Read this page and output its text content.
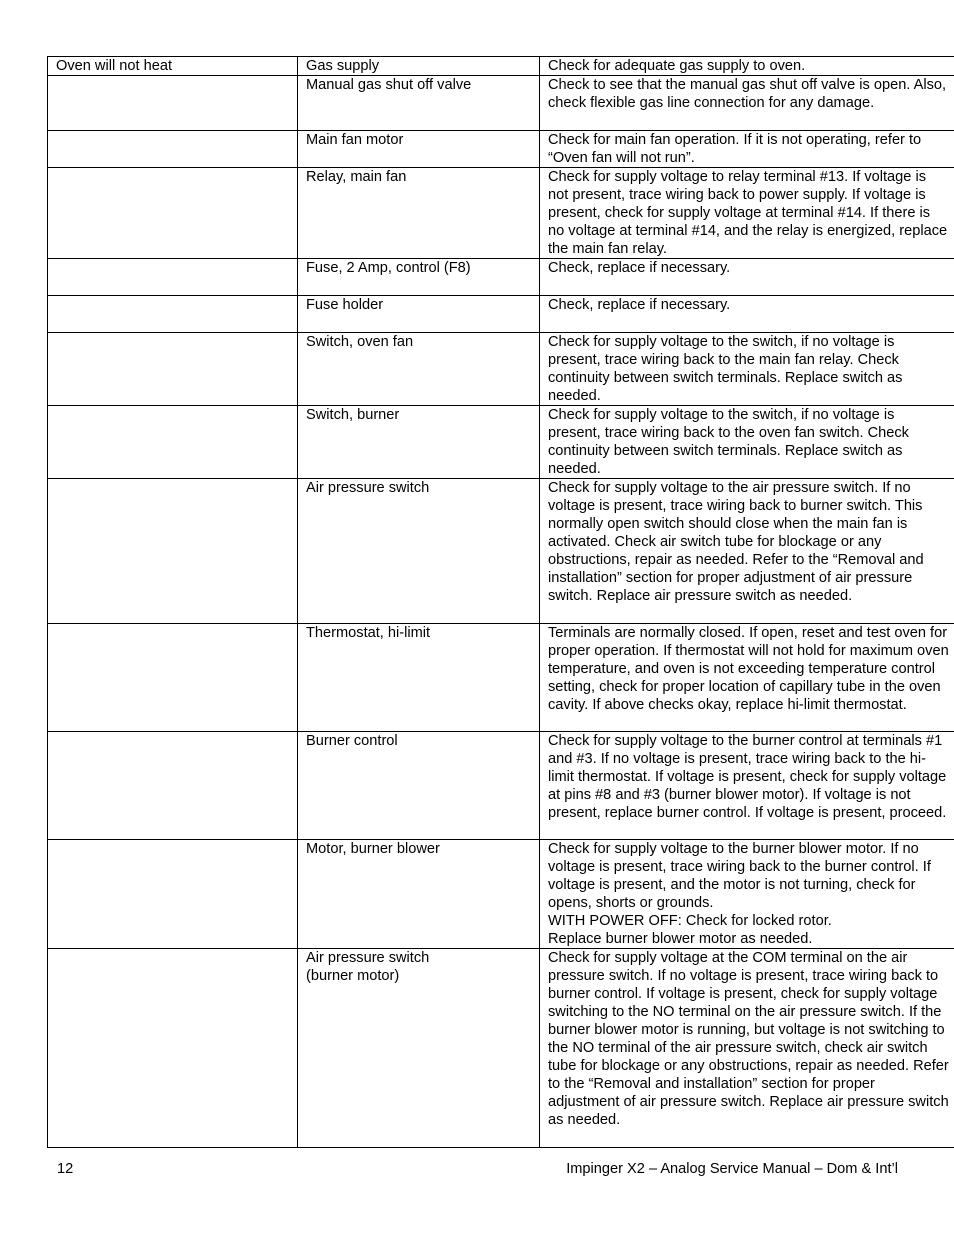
Oven will not heat	Gas supply	Check for adequate gas supply to oven.
	Manual gas shut off valve	Check to see that the manual gas shut off valve is open. Also, check flexible gas line connection for any damage.
	Main fan motor	Check for main fan operation. If it is not operating, refer to “Oven fan will not run”.
	Relay, main fan	Check for supply voltage to relay terminal #13. If voltage is not present, trace wiring back to power supply. If voltage is present, check for supply voltage at terminal #14. If there is no voltage at terminal #14, and the relay is energized, replace the main fan relay.
	Fuse, 2 Amp, control (F8)	Check, replace if necessary.
	Fuse holder	Check, replace if necessary.
	Switch, oven fan	Check for supply voltage to the switch, if no voltage is present, trace wiring back to the main fan relay. Check continuity between switch terminals. Replace switch as needed.
	Switch, burner	Check for supply voltage to the switch, if no voltage is present, trace wiring back to the oven fan switch. Check continuity between switch terminals. Replace switch as needed.
	Air pressure switch	Check for supply voltage to the air pressure switch. If no voltage is present, trace wiring back to burner switch. This normally open switch should close when the main fan is activated. Check air switch tube for blockage or any obstructions, repair as needed. Refer to the “Removal and installation” section for proper adjustment of air pressure switch. Replace air pressure switch as needed.
	Thermostat, hi-limit	Terminals are normally closed. If open, reset and test oven for proper operation. If thermostat will not hold for maximum oven temperature, and oven is not exceeding temperature control setting, check for proper location of capillary tube in the oven cavity. If above checks okay, replace hi-limit thermostat.
	Burner control	Check for supply voltage to the burner control at terminals #1 and #3. If no voltage is present, trace wiring back to the hi-limit thermostat. If voltage is present, check for supply voltage at pins #8 and #3 (burner blower motor). If voltage is not present, replace burner control. If voltage is present, proceed.
	Motor, burner blower	Check for supply voltage to the burner blower motor. If no voltage is present, trace wiring back to the burner control. If voltage is present, and the motor is not turning, check for opens, shorts or grounds.
WITH POWER OFF: Check for locked rotor.
Replace burner blower motor as needed.
	Air pressure switch
(burner motor)	Check for supply voltage at the COM terminal on the air pressure switch. If no voltage is present, trace wiring back to burner control. If voltage is present, check for supply voltage switching to the NO terminal on the air pressure switch. If the burner blower motor is running, but voltage is not switching to the NO terminal of the air pressure switch, check air switch tube for blockage or any obstructions, repair as needed. Refer to the “Removal and installation” section for proper adjustment of air pressure switch. Replace air pressure switch as needed.
12	Impinger X2 – Analog Service Manual – Dom & Int’l
